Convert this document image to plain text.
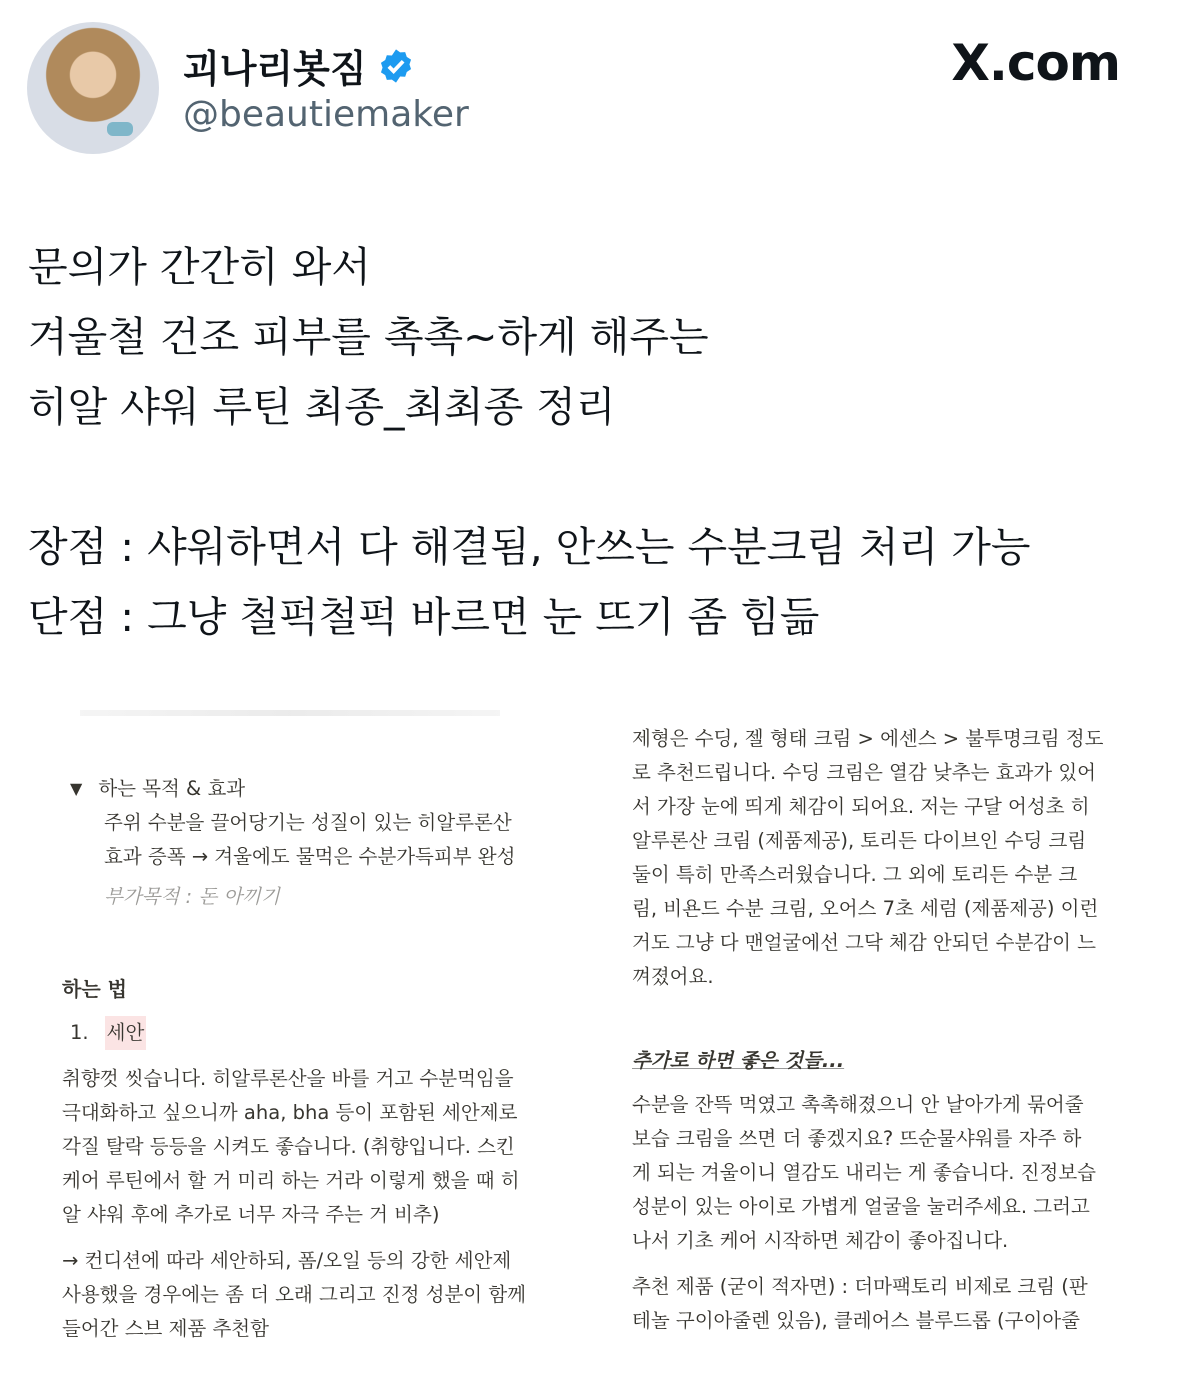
괴나리봇짐
@beautiemaker
X.com
문의가 간간히 와서
겨울철 건조 피부를 촉촉~하게 해주는
히알 샤워 루틴 최종_최최종 정리
장점 : 샤워하면서 다 해결됨, 안쓰는 수분크림 처리 가능
단점 : 그냥 철퍽철퍽 바르면 눈 뜨기 좀 힘듦
▼ 하는 목적 & 효과
주위 수분을 끌어당기는 성질이 있는 히알루론산
효과 증폭 → 겨울에도 물먹은 수분가득피부 완성
부가목적 : 돈 아끼기
하는 법
1. 세안
취향껏 씻습니다. 히알루론산을 바를 거고 수분먹임을
극대화하고 싶으니까 aha, bha 등이 포함된 세안제로
각질 탈락 등등을 시켜도 좋습니다. (취향입니다. 스킨
케어 루틴에서 할 거 미리 하는 거라 이렇게 했을 때 히
알 샤워 후에 추가로 너무 자극 주는 거 비추)
→ 컨디션에 따라 세안하되, 폼/오일 등의 강한 세안제
사용했을 경우에는 좀 더 오래 그리고 진정 성분이 함께
들어간 스브 제품 추천함
제형은 수딩, 젤 형태 크림 > 에센스 > 불투명크림 정도
로 추천드립니다. 수딩 크림은 열감 낮추는 효과가 있어
서 가장 눈에 띄게 체감이 되어요. 저는 구달 어성초 히
알루론산 크림 (제품제공), 토리든 다이브인 수딩 크림
둘이 특히 만족스러웠습니다. 그 외에 토리든 수분 크
림, 비욘드 수분 크림, 오어스 7초 세럼 (제품제공) 이런
거도 그냥 다 맨얼굴에선 그닥 체감 안되던 수분감이 느
껴졌어요.
추가로 하면 좋은 것들...
수분을 잔뜩 먹였고 촉촉해졌으니 안 날아가게 묶어줄
보습 크림을 쓰면 더 좋겠지요? 뜨순물샤워를 자주 하
게 되는 겨울이니 열감도 내리는 게 좋습니다. 진정보습
성분이 있는 아이로 가볍게 얼굴을 눌러주세요. 그러고
나서 기초 케어 시작하면 체감이 좋아집니다.
추천 제품 (굳이 적자면) : 더마팩토리 비제로 크림 (판
테놀 구이아줄렌 있음), 클레어스 블루드롭 (구이아줄
